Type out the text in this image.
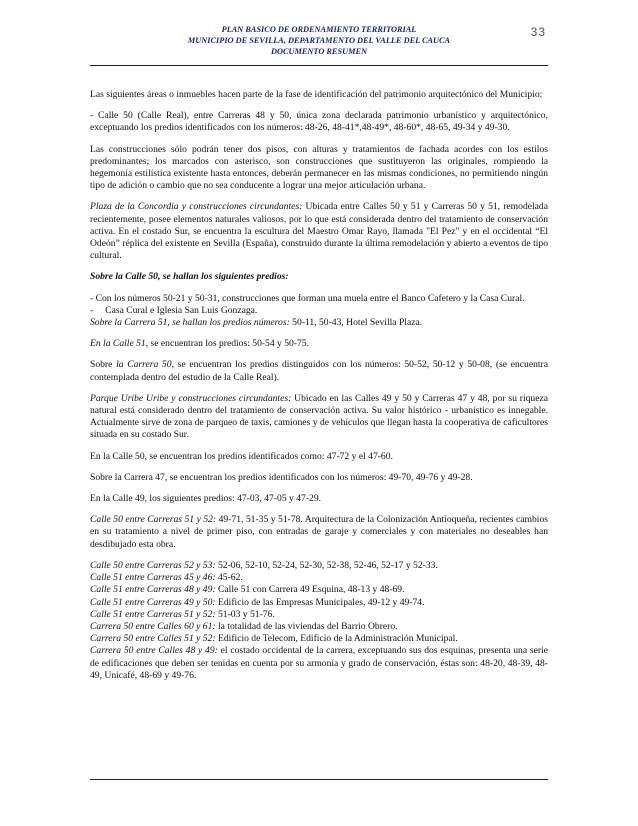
PLAN BASICO DE ORDENAMIENTO TERRITORIAL
MUNICIPIO DE SEVILLA, DEPARTAMENTO DEL VALLE DEL CAUCA
DOCUMENTO RESUMEN
33

Las siguientes áreas o inmuebles hacen parte de la fase de identificación del patrimonio arquitectónico del Municipio:

- Calle 50 (Calle Real), entre Carreras 48 y 50, única zona declarada patrimonio urbanístico y arquitectónico, exceptuando los predios identificados con los números: 48-26, 48-41*,48-49*, 48-60*, 48-65, 49-34 y 49-30.

Las construcciones sólo podrán tener dos pisos, con alturas y tratamientos de fachada acordes con los estilos predominantes; los marcados con asterisco, son construcciones que sustituyeron las originales, rompiendo la hegemonía estilística existente hasta entonces, deberán permanecer en las mismas condiciones, no permitiendo ningún tipo de adición o cambio que no sea conducente a lograr una mejor articulación urbana.

Plaza de la Concordia y construcciones circundantes: Ubicada entre Calles 50 y 51 y Carreras 50 y 51, remodelada recientemente, posee elementos naturales valiosos, por lo que está considerada dentro del tratamiento de conservación activa. En el costado Sur, se encuentra la escultura del Maestro Omar Rayo, llamada "El Pez" y en el occidental “El Odeón” réplica del existente en Sevilla (España), construido durante la última remodelación y abierto a eventos de tipo cultural.

Sobre la Calle 50, se hallan los siguientes predios:

- Con los números 50-21 y 50-31, construcciones que forman una muela entre el Banco Cafetero y la Casa Cural.

-     Casa Cural e Iglesia San Luis Gonzaga.

Sobre la Carrera 51, se hallan los predios números: 50-11, 50-43, Hotel Sevilla Plaza.

En la Calle 51, se encuentran los predios: 50-54 y 50-75.

Sobre la Carrera 50, se encuentran los predios distinguidos con los números: 50-52, 50-12 y 50-08, (se encuentra contemplada dentro del estudio de la Calle Real).

Parque Uribe Uribe y construcciones circundantes: Ubicado en las Calles 49 y 50 y Carreras 47 y 48, por su riqueza natural está considerado dentro del tratamiento de conservación activa. Su valor histórico - urbanístico es innegable. Actualmente sirve de zona de parqueo de taxis, camiones y de vehículos que llegan hasta la cooperativa de caficultores situada en su costado Sur.

En la Calle 50, se encuentran los predios identificados como: 47-72 y el 47-60.

Sobre la Carrera 47, se encuentran los predios identificados con los números: 49-70, 49-76 y 49-28.

En la Calle 49, los siguientes predios: 47-03, 47-05 y 47-29.

Calle 50 entre Carreras 51 y 52: 49-71, 51-35 y 51-78. Arquitectura de la Colonización Antioqueña, recientes cambios en su tratamiento a nivel de primer piso, con entradas de garaje y comerciales y con materiales no deseables han desdibujado esta obra.

Calle 50 entre Carreras 52 y 53: 52-06, 52-10, 52-24, 52-30, 52-38, 52-46, 52-17 y 52-33.

Calle 51 entre Carreras 45 y 46: 45-62.

Calle 51 entre Carreras 48 y 49: Calle 51 con Carrera 49 Esquina, 48-13 y 48-69.

Calle 51 entre Carreras 49 y 50: Edificio de las Empresas Municipales, 49-12 y 49-74.

Calle 51 entre Carreras 51 y 52: 51-03 y 51-76.

Carrera 50 entre Calles 60 y 61: la totalidad de las viviendas del Barrio Obrero.

Carrera 50 entre Calles 51 y 52: Edificio de Telecom, Edificio de la Administración Municipal.

Carrera 50 entre Calles 48 y 49: el costado occidental de la carrera, exceptuando sus dos esquinas, presenta una serie de edificaciones que deben ser tenidas en cuenta por su armonía y grado de conservación, éstas son: 48-20, 48-39, 48-49, Unicafé, 48-69 y 49-76.
